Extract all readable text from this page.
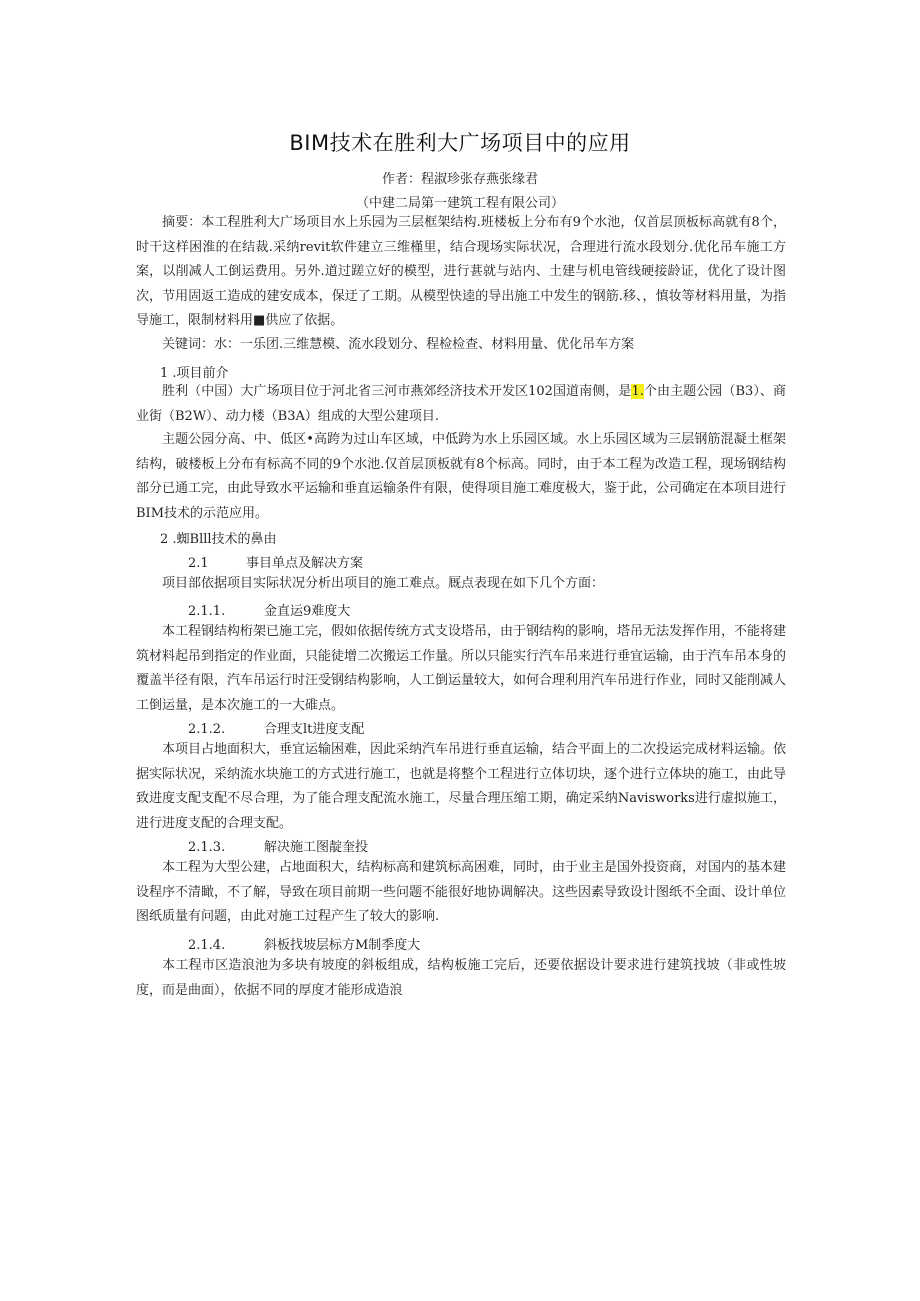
BIM技术在胜利大广场项目中的应用
作者：程淑珍张存燕张缘君
（中建二局第一建筑工程有限公司）
摘要：本工程胜利大广场项目水上乐园为三层框架结构.班楼板上分布有9个水池，仅首层顶板标高就有8个，时干这样困淮的在结裁.采纳revit软件建立三维槿里，结合现场实际状况，合理进行流水段划分.优化吊车施工方案，以削减人工倒运费用。另外.道过蹉立好的模型，进行葚就与站内、土建与机电管线硬接龄证，优化了设计图次，节用固返工造成的建安成本，保迂了工期。从模型快逵的导出施工中发生的钢筋.移、，慎妆等材料用量，为指导施工，限制材料用■供应了依据。
关键词：水：一乐团.三维慧模、流水段划分、程检检查、材料用量、优化吊车方案
1 .项目前介
胜利（中国）大广场项目位于河北省三河市燕郊经济技术开发区102国道南侧，是1.个由主题公园（B3）、商业街（B2W）、动力楼（B3A）组成的大型公建项目.
主题公园分高、中、低区•高跨为过山车区域，中低跨为水上乐园区域。水上乐园区域为三层钢筋混凝土框架结构，破楼板上分布有标高不同的9个水池.仅首层顶板就有8个标高。同时，由于本工程为改造工程，现场钢结构部分已通工完，由此导致水平运输和垂直运输条件有限，使得项目施工难度极大，鉴于此，公司确定在本项目进行BIM技术的示范应用。
2 .蜘Blll技术的鼻由
2.1	事目单点及解决方案
项目部依据项目实际状况分析出项目的施工难点。厩点表现在如下几个方面：
2.1.1.	金直运9难度大
本工程钢结构桁架已施工完，假如依据传统方式支设塔吊，由于钢结构的影响，塔吊无法发挥作用，不能将建筑材料起吊到指定的作业面，只能徒增二次搬运工作量。所以只能实行汽车吊来进行垂宜运输，由于汽车吊本身的覆盖半径有限，汽车吊运行时汪受钢结构影响，人工倒运量较大，如何合理利用汽车吊进行作业，同时又能削减人工倒运量，是本次施工的一大碓点。
2.1.2.	合理支lt进度支配
本项目占地面积大，垂宜运输困难，因此采纳汽车吊进行垂直运输，结合平面上的二次投运完成材料运输。依据实际状况，采纳流水块施工的方式进行施工，也就是将整个工程进行立体切块，逐个进行立体块的施工，由此导致进度支配支配不尽合理，为了能合理支配流水施工，尽量合理压缩工期，确定采纳Navisworks进行虚拟施工，进行进度支配的合理支配。
2.1.3.	解决施工图靛奎投
本工程为大型公建，占地面积大，结构标高和建筑标高困难，同时，由于业主是国外投资商，对国内的基本建设程序不清瞰，不了解，导致在项目前期一些问题不能很好地协调解决。这些因素导致设计图纸不全面、设计单位图纸质量有问题，由此对施工过程产生了较大的影响.
2.1.4.	斜板找坡层标方M制季度大
本工程市区造浪池为多块有坡度的斜板组成，结构板施工完后，还要依据设计要求进行建筑找坡（非或性坡度，而是曲面），依据不同的厚度才能形成造浪
